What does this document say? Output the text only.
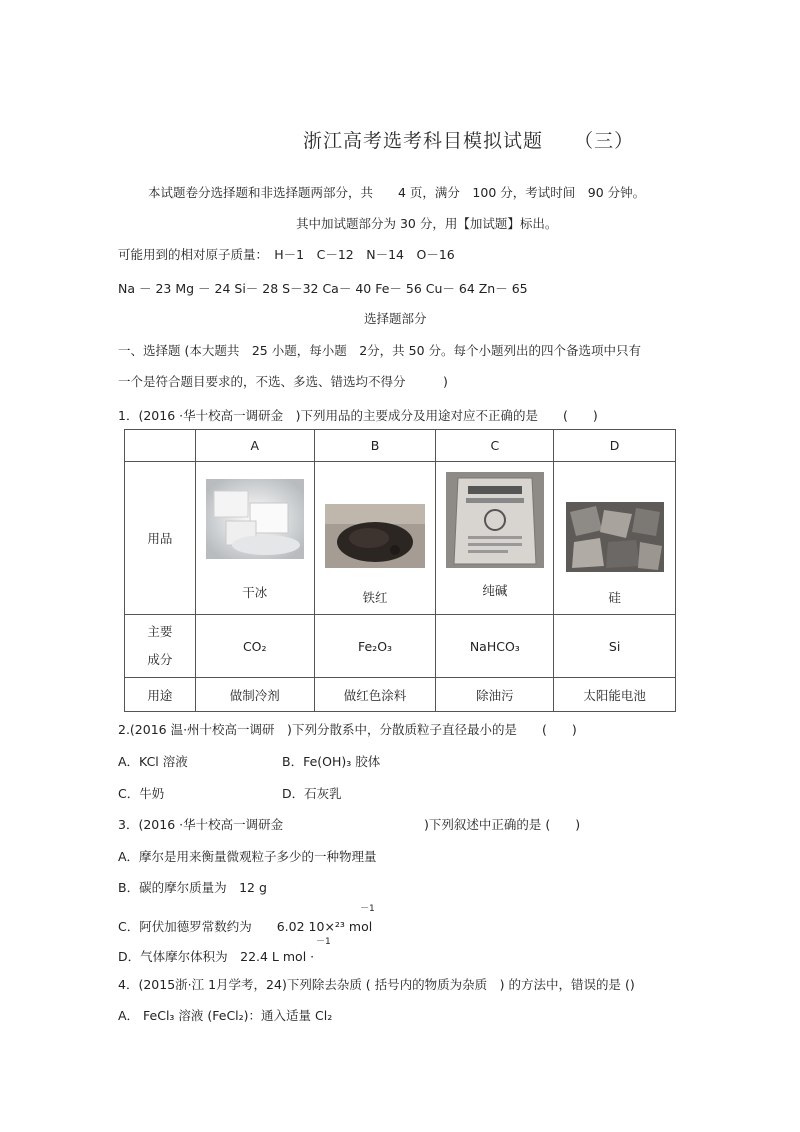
浙江高考选考科目模拟试题 （三）
本试题卷分选择题和非选择题两部分，共　　4 页，满分　100 分，考试时间　90 分钟。
其中加试题部分为 30 分，用【加试题】标出。
可能用到的相对原子质量：　H－1　C－12　N－14　O－16
Na － 23 Mg － 24 Si－ 28 S－32 Ca－ 40 Fe－ 56 Cu－ 64 Zn－ 65
选择题部分
一、选择题 (本大题共　25 小题，每小题　2分，共 50 分。每个小题列出的四个备选项中只有
一个是符合题目要求的，不选、多选、错选均不得分　　　)
1．(2016 ·华十校高一调研金　)下列用品的主要成分及用途对应不正确的是　　(　　)
	A	B	C	D
用品	干冰	铁红	纯碱	硅

主要
成分	CO₂	Fe₂O₃	NaHCO₃	Si
用途	做制冷剂	做红色涂料	除油污	太阳能电池
2.(2016 温·州十校高一调研　)下列分散系中，分散质粒子直径最小的是　　(　　)
A．KCl 溶液	B．Fe(OH)₃ 胶体
C．牛奶	D．石灰乳
3．(2016 ·华十校高一调研金	)下列叙述中正确的是 (　　)
A．摩尔是用来衡量微观粒子多少的一种物理量
B．碳的摩尔质量为　12 g
－1
C．阿伏加德罗常数约为　　6.02 10×²³ mol
－1
D．气体摩尔体积为　22.4 L mol ·
4．(2015浙·江 1月学考，24)下列除去杂质 ( 括号内的物质为杂质　) 的方法中，错误的是 ()
A． FeCl₃ 溶液 (FeCl₂)：通入适量 Cl₂
